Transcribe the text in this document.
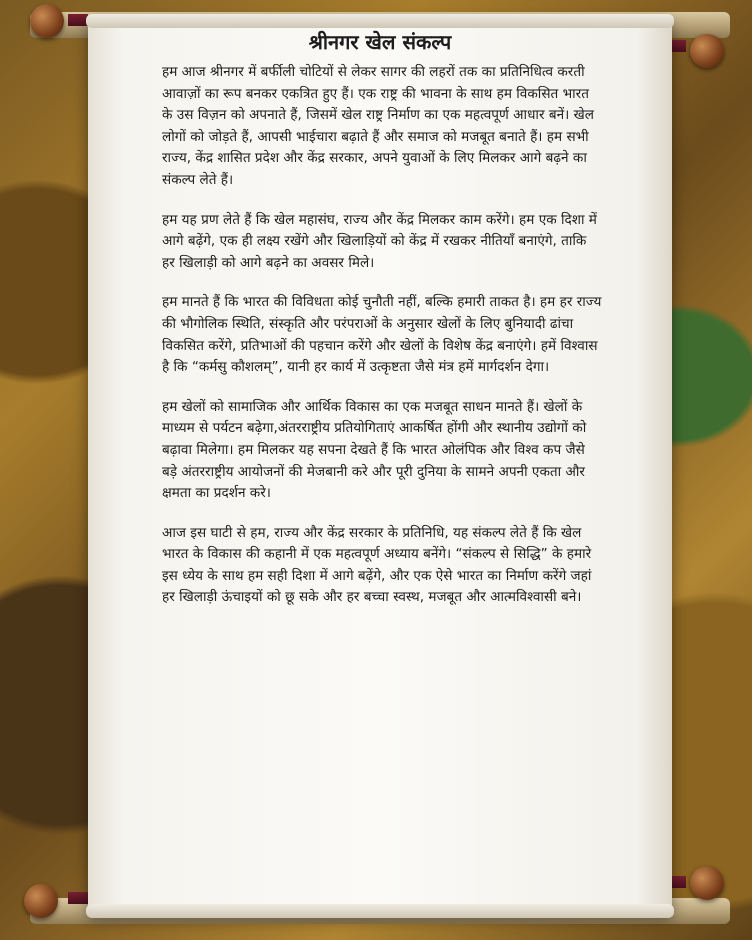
श्रीनगर खेल संकल्प

हम आज श्रीनगर में बर्फीली चोटियों से लेकर सागर की लहरों तक का प्रतिनिधित्व करती आवाज़ों का रूप बनकर एकत्रित हुए हैं। एक राष्ट्र की भावना के साथ हम विकसित भारत के उस विज़न को अपनाते हैं, जिसमें खेल राष्ट्र निर्माण का एक महत्वपूर्ण आधार बनें। खेल लोगों को जोड़ते हैं, आपसी भाईचारा बढ़ाते हैं और समाज को मजबूत बनाते हैं। हम सभी राज्य, केंद्र शासित प्रदेश और केंद्र सरकार, अपने युवाओं के लिए मिलकर आगे बढ़ने का संकल्प लेते हैं।

हम यह प्रण लेते हैं कि खेल महासंघ, राज्य और केंद्र मिलकर काम करेंगे। हम एक दिशा में आगे बढ़ेंगे, एक ही लक्ष्य रखेंगे और खिलाड़ियों को केंद्र में रखकर नीतियाँ बनाएंगे, ताकि हर खिलाड़ी को आगे बढ़ने का अवसर मिले।

हम मानते हैं कि भारत की विविधता कोई चुनौती नहीं, बल्कि हमारी ताकत है। हम हर राज्य की भौगोलिक स्थिति, संस्कृति और परंपराओं के अनुसार खेलों के लिए बुनियादी ढांचा विकसित करेंगे, प्रतिभाओं की पहचान करेंगे और खेलों के विशेष केंद्र बनाएंगे। हमें विश्वास है कि “कर्मसु कौशलम्”, यानी हर कार्य में उत्कृष्टता जैसे मंत्र हमें मार्गदर्शन देगा।

हम खेलों को सामाजिक और आर्थिक विकास का एक मजबूत साधन मानते हैं। खेलों के माध्यम से पर्यटन बढ़ेगा,अंतरराष्ट्रीय प्रतियोगिताएं आकर्षित होंगी और स्थानीय उद्योगों को बढ़ावा मिलेगा। हम मिलकर यह सपना देखते हैं कि भारत ओलंपिक और विश्व कप जैसे बड़े अंतरराष्ट्रीय आयोजनों की मेजबानी करे और पूरी दुनिया के सामने अपनी एकता और क्षमता का प्रदर्शन करे।

आज इस घाटी से हम, राज्य और केंद्र सरकार के प्रतिनिधि, यह संकल्प लेते हैं कि खेल भारत के विकास की कहानी में एक महत्वपूर्ण अध्याय बनेंगे। “संकल्प से सिद्धि” के हमारे इस ध्येय के साथ हम सही दिशा में आगे बढ़ेंगे, और एक ऐसे भारत का निर्माण करेंगे जहां हर खिलाड़ी ऊंचाइयों को छू सके और हर बच्चा स्वस्थ, मजबूत और आत्मविश्वासी बने।
